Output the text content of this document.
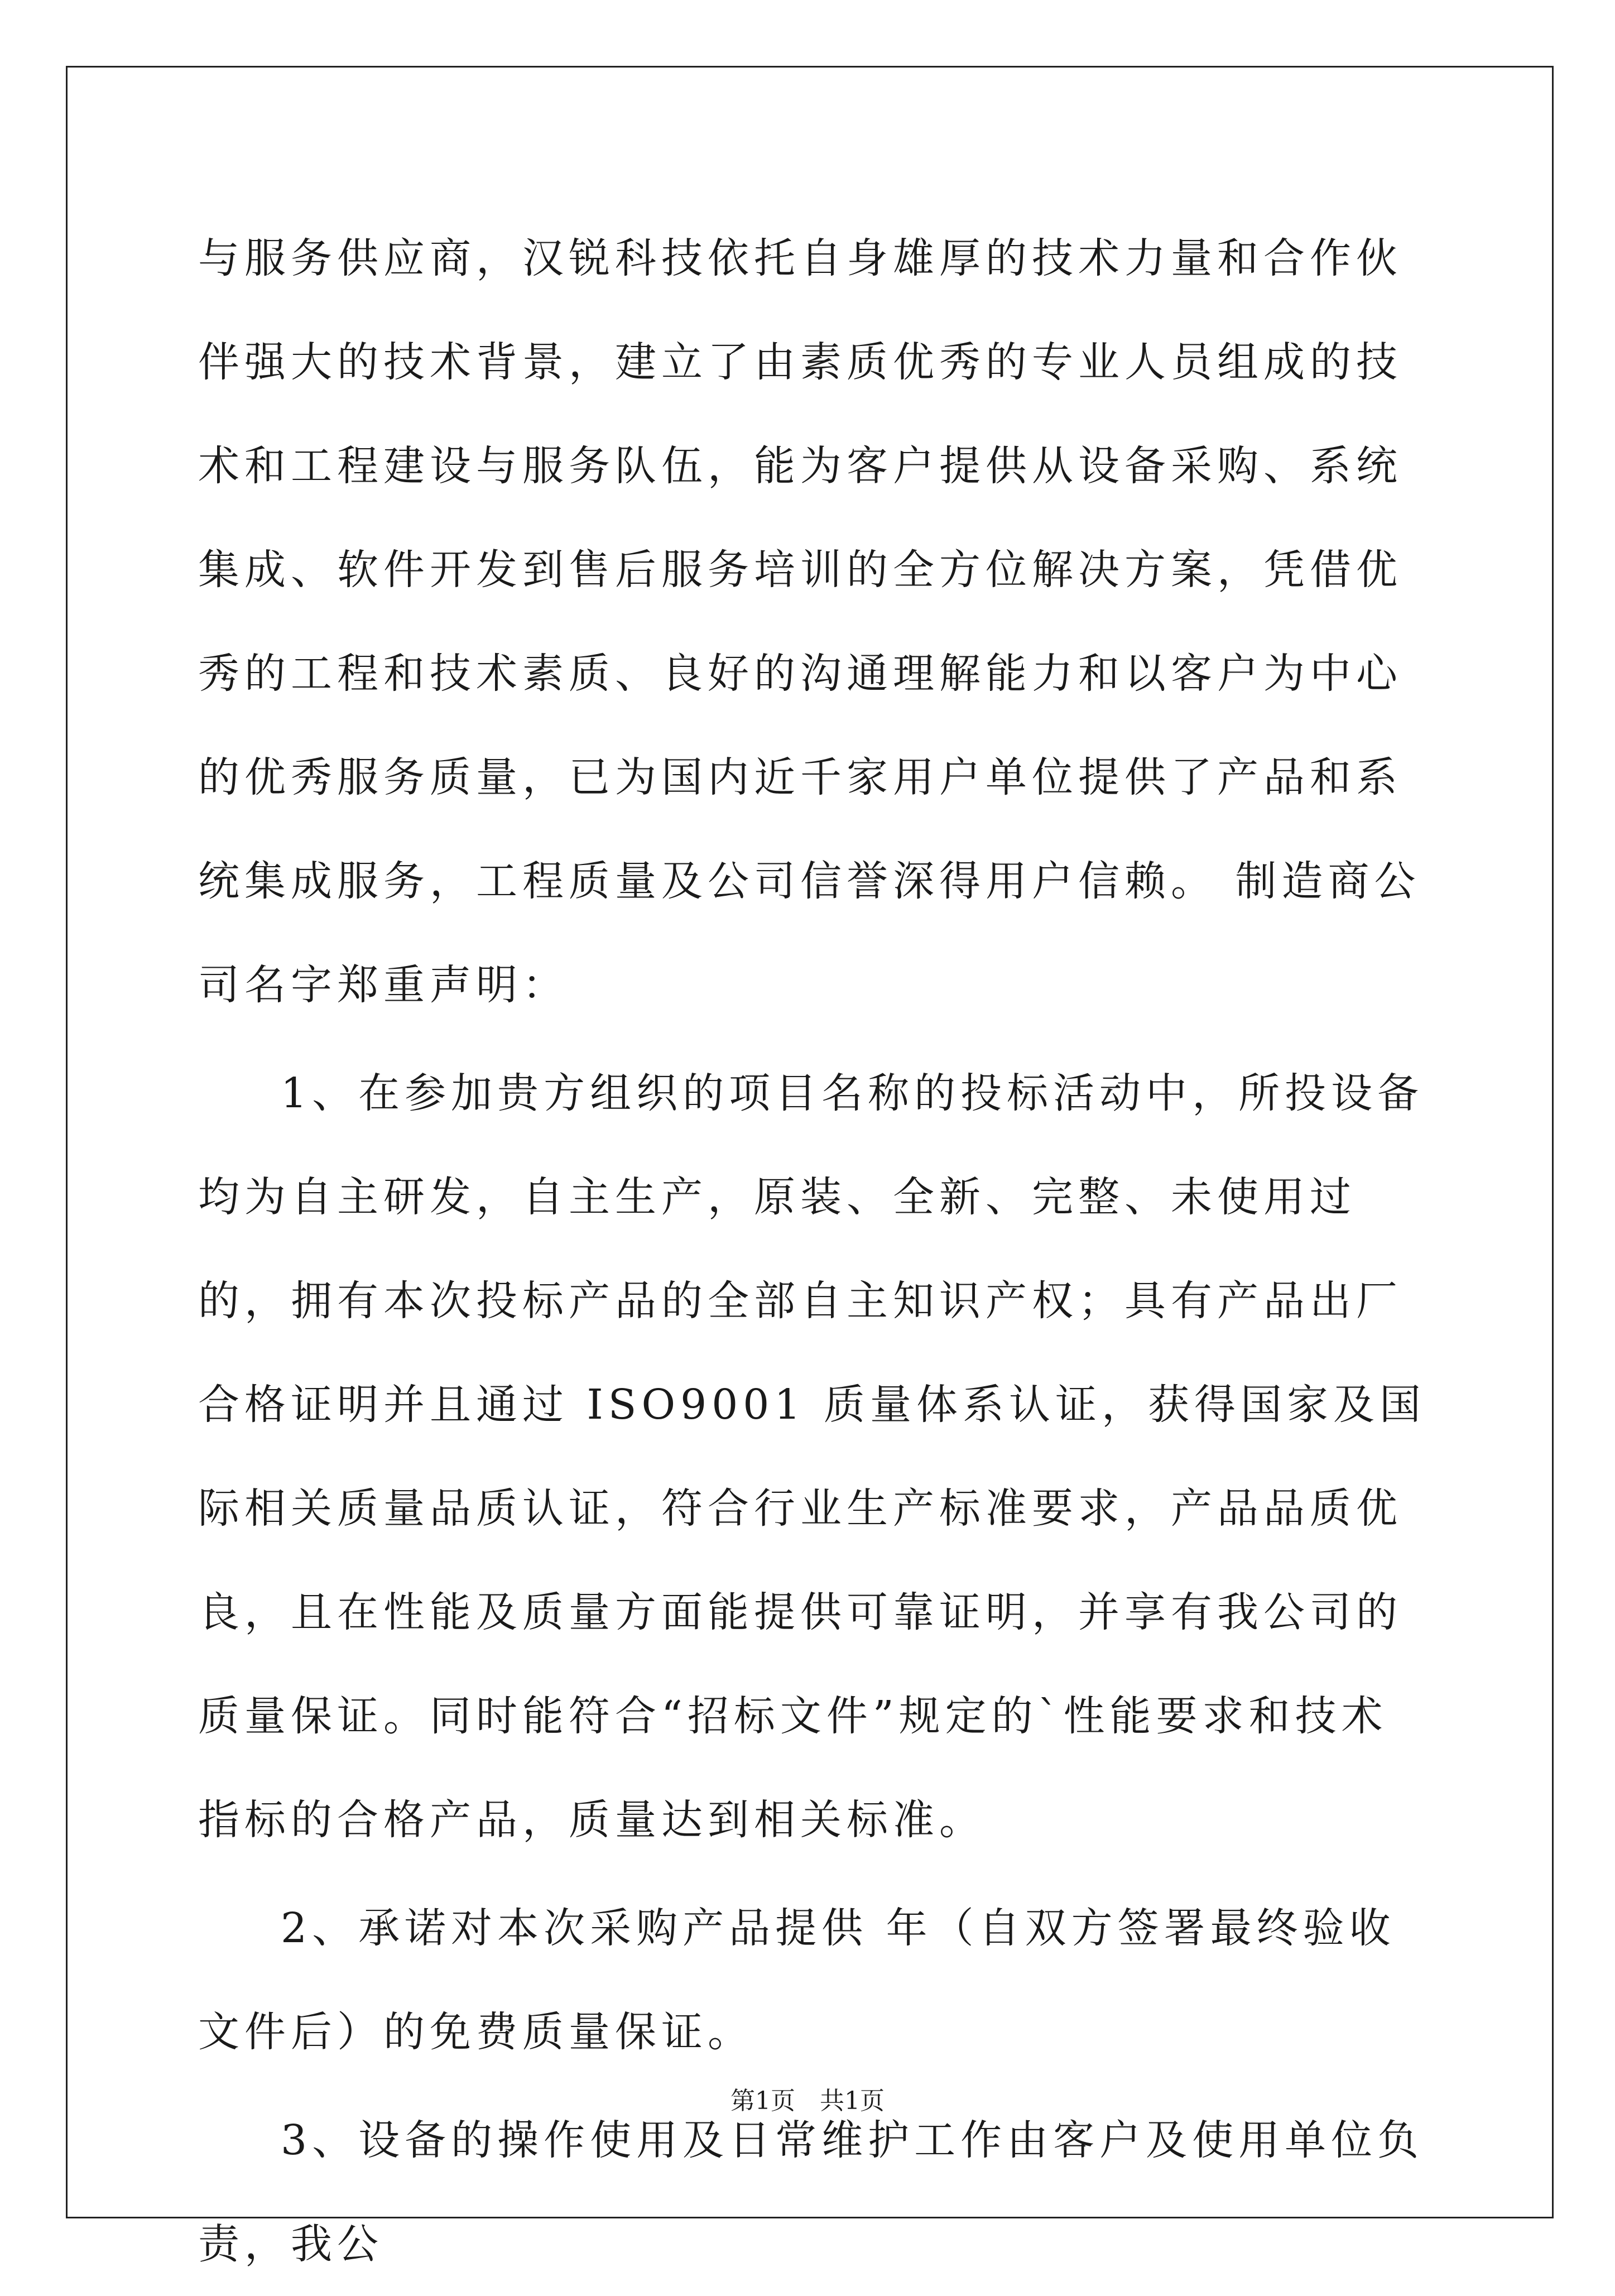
与服务供应商，汉锐科技依托自身雄厚的技术力量和合作伙伴强大的技术背景，建立了由素质优秀的专业人员组成的技术和工程建设与服务队伍，能为客户提供从设备采购、系统集成、软件开发到售后服务培训的全方位解决方案，凭借优秀的工程和技术素质、良好的沟通理解能力和以客户为中心的优秀服务质量，已为国内近千家用户单位提供了产品和系统集成服务，工程质量及公司信誉深得用户信赖。 制造商公司名字郑重声明：

1、在参加贵方组织的项目名称的投标活动中，所投设备均为自主研发，自主生产，原装、全新、完整、未使用过的，拥有本次投标产品的全部自主知识产权；具有产品出厂合格证明并且通过 ISO9001 质量体系认证，获得国家及国际相关质量品质认证，符合行业生产标准要求，产品品质优良，且在性能及质量方面能提供可靠证明，并享有我公司的质量保证。同时能符合“招标文件”规定的`性能要求和技术指标的合格产品，质量达到相关标准。

2、承诺对本次采购产品提供 年（自双方签署最终验收文件后）的免费质量保证。

3、设备的操作使用及日常维护工作由客户及使用单位负责，我公

第1页　共1页
